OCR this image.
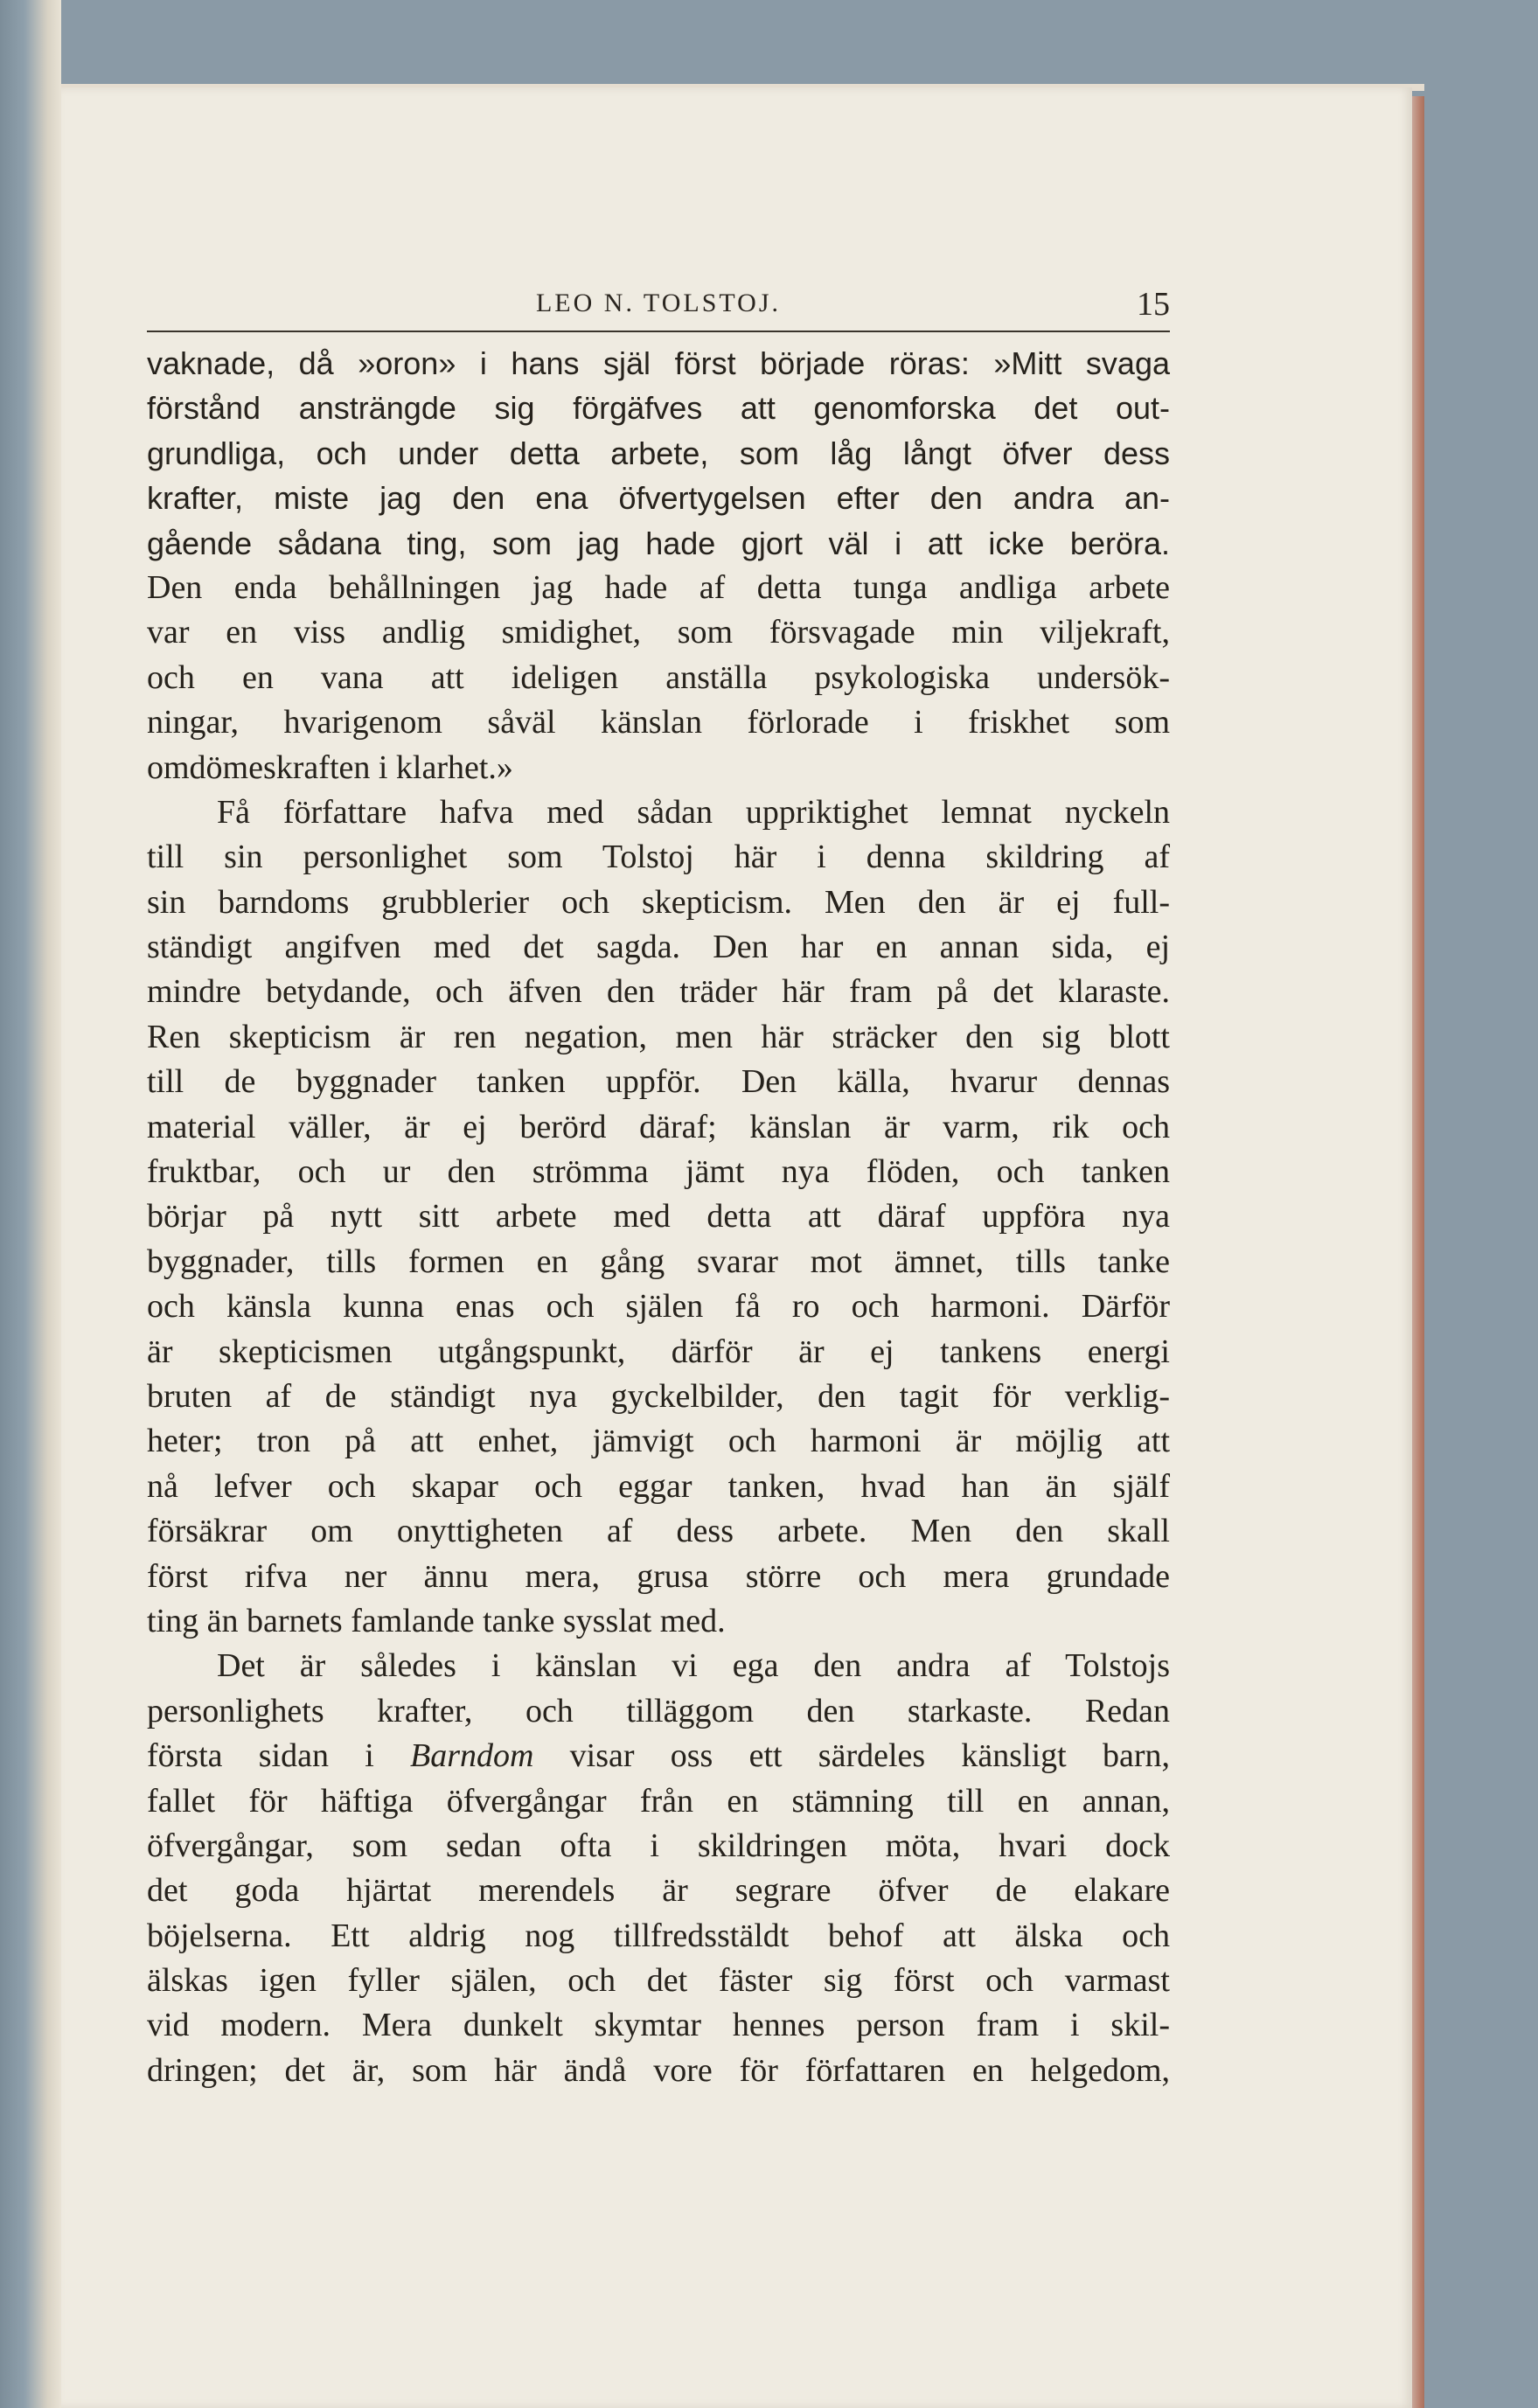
LEO N. TOLSTOJ.	15
vaknade, då »oron» i hans själ först började röras: »Mitt svaga
förstånd ansträngde sig förgäfves att genomforska det out-
grundliga, och under detta arbete, som låg långt öfver dess
krafter, miste jag den ena öfvertygelsen efter den andra an-
gående sådana ting, som jag hade gjort väl i att icke beröra.
Den enda behållningen jag hade af detta tunga andliga arbete
var en viss andlig smidighet, som försvagade min viljekraft,
och en vana att ideligen anställa psykologiska undersök-
ningar, hvarigenom såväl känslan förlorade i friskhet som
omdömeskraften i klarhet.»
Få författare hafva med sådan uppriktighet lemnat nyckeln
till sin personlighet som Tolstoj här i denna skildring af
sin barndoms grubblerier och skepticism. Men den är ej full-
ständigt angifven med det sagda. Den har en annan sida, ej
mindre betydande, och äfven den träder här fram på det klaraste.
Ren skepticism är ren negation, men här sträcker den sig blott
till de byggnader tanken uppför. Den källa, hvarur dennas
material väller, är ej berörd däraf; känslan är varm, rik och
fruktbar, och ur den strömma jämt nya flöden, och tanken
börjar på nytt sitt arbete med detta att däraf uppföra nya
byggnader, tills formen en gång svarar mot ämnet, tills tanke
och känsla kunna enas och själen få ro och harmoni. Därför
är skepticismen utgångspunkt, därför är ej tankens energi
bruten af de ständigt nya gyckelbilder, den tagit för verklig-
heter; tron på att enhet, jämvigt och harmoni är möjlig att
nå lefver och skapar och eggar tanken, hvad han än själf
försäkrar om onyttigheten af dess arbete. Men den skall
först rifva ner ännu mera, grusa större och mera grundade
ting än barnets famlande tanke sysslat med.
Det är således i känslan vi ega den andra af Tolstojs
personlighets krafter, och tilläggom den starkaste. Redan
första sidan i Barndom visar oss ett särdeles känsligt barn,
fallet för häftiga öfvergångar från en stämning till en annan,
öfvergångar, som sedan ofta i skildringen möta, hvari dock
det goda hjärtat merendels är segrare öfver de elakare
böjelserna. Ett aldrig nog tillfredsstäldt behof att älska och
älskas igen fyller själen, och det fäster sig först och varmast
vid modern. Mera dunkelt skymtar hennes person fram i skil-
dringen; det är, som här ändå vore för författaren en helgedom,
